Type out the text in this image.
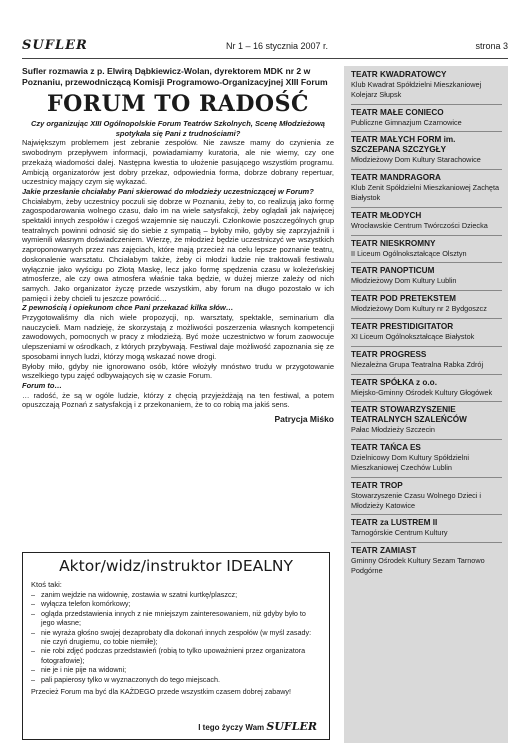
SUFLER	Nr 1 – 16 stycznia 2007 r.	strona 3

Sufler rozmawia z p. Elwirą Dąbkiewicz-Wolan, dyrektorem MDK nr 2 w Poznaniu, przewodniczącą Komisji Programowo-Organizacyjnej XIII Forum

FORUM TO RADOŚĆ

Czy organizując XIII Ogólnopolskie Forum Teatrów Szkolnych, Scenę Młodzieżową spotykała się Pani z trudnościami?

Największym problemem jest zebranie zespołów. Nie zawsze mamy do czynienia ze swobodnym przepływem informacji, powiadamiamy kuratoria, ale nie wiemy, czy one przekażą wiadomości dalej. Następna kwestia to ułożenie pasującego wszystkim programu. Ambicją organizatorów jest dobry przekaz, odpowiednia forma, dobrze dobrany repertuar, uczestnicy mający czym się wykazać.

Jakie przesłanie chciałaby Pani skierować do młodzieży uczestniczącej w Forum?

Chciałabym, żeby uczestnicy poczuli się dobrze w Poznaniu, żeby to, co realizują jako formę zagospodarowania wolnego czasu, dało im na wiele satysfakcji, żeby oglądali jak najwięcej spektakli innych zespołów i czegoś wzajemnie się nauczyli. Członkowie poszczególnych grup teatralnych powinni odnosić się do siebie z sympatią – byłoby miło, gdyby się zaprzyjaźnili i wymienili własnym doświadczeniem. Wierzę, że młodzież będzie uczestniczyć we wszystkich zaproponowanych przez nas zajęciach, które mają przecież na celu lepsze poznanie teatru, doskonalenie warsztatu. Chciałabym także, żeby ci młodzi ludzie nie traktowali festiwalu wyłącznie jako wyścigu po Złotą Maskę, lecz jako formę spędzenia czasu w koleżeńskiej atmosferze, ale czy owa atmosfera właśnie taka będzie, w dużej mierze zależy od nich samych. Jako organizator życzę przede wszystkim, aby forum na długo pozostało w ich pamięci i żeby chcieli tu jeszcze powrócić…

Z pewnością i opiekunom chce Pani przekazać kilka słów…

Przygotowaliśmy dla nich wiele propozycji, np. warsztaty, spektakle, seminarium dla nauczycieli. Mam nadzieję, że skorzystają z możliwości poszerzenia własnych kompetencji zawodowych, pomocnych w pracy z młodzieżą. Być może uczestnictwo w forum zaowocuje ulepszeniami w ośrodkach, z których przybywają. Festiwal daje możliwość zapoznania się ze sposobami innych ludzi, którzy mogą wskazać nowe drogi.

Byłoby miło, gdyby nie ignorowano osób, które włożyły mnóstwo trudu w przygotowanie wszelkiego typu zajęć odbywających się w czasie Forum.

Forum to…

… radość, że są w ogóle ludzie, którzy z chęcią przyjeżdżają na ten festiwal, a potem opuszczają Poznań z satysfakcją i z przekonaniem, że to co robią ma jakiś sens.

Patrycja Miśko
Aktor/widz/instruktor IDEALNY

Ktoś taki:

– zanim wejdzie na widownię, zostawia w szatni kurtkę/plaszcz;
– wyłącza telefon komórkowy;
– ogląda przedstawienia innych z nie mniejszym zainteresowaniem, niż gdyby było to jego własne;
– nie wyraża głośno swojej dezaprobaty dla dokonań innych zespołów (w myśl zasady: nie czyń drugiemu, co tobie niemiłe);
– nie robi zdjęć podczas przedstawień (robią to tylko upoważnieni przez organizatora fotografowie);
– nie je i nie pije na widowni;
– pali papierosy tylko w wyznaczonych do tego miejscach.

Przecież Forum ma być dla KAŻDEGO przede wszystkim czasem dobrej zabawy!

I tego życzy Wam SUFLER
TEATR KWADRATOWCY
Klub Kwadrat Spółdzielni Mieszkaniowej Kolejarz Słupsk
TEATR MAŁE CONIECO
Publiczne Gimnazjum Czarnowice
TEATR MAŁYCH FORM im. SZCZEPANA SZCZYGŁY
Młodzieżowy Dom Kultury Starachowice
TEATR MANDRAGORA
Klub Zenit Spółdzielni Mieszkaniowej Zachęta Białystok
TEATR MŁODYCH
Wrocławskie Centrum Twórczości Dziecka
TEATR NIESKROMNY
II Liceum Ogólnokształcące Olsztyn
TEATR PANOPTICUM
Młodzieżowy Dom Kultury Lublin
TEATR POD PRETEKSTEM
Młodzieżowy Dom Kultury nr 2 Bydgoszcz
TEATR PRESTIDIGITATOR
XI Liceum Ogólnokształcące Białystok
TEATR PROGRESS
Niezależna Grupa Teatralna Rabka Zdrój
TEATR SPÓŁKA z o.o.
Miejsko-Gminny Ośrodek Kultury Głogówek
TEATR STOWARZYSZENIE TEATRALNYCH SZALEŃCÓW
Pałac Młodzieży Szczecin
TEATR TAŃCA ES
Dzielnicowy Dom Kultury Spółdzielni Mieszkaniowej Czechów Lublin
TEATR TROP
Stowarzyszenie Czasu Wolnego Dzieci i Młodzieży Katowice
TEATR za LUSTREM II
Tarnogórskie Centrum Kultury
TEATR ZAMIAST
Gminny Ośrodek Kultury Sezam Tarnowo Podgórne
